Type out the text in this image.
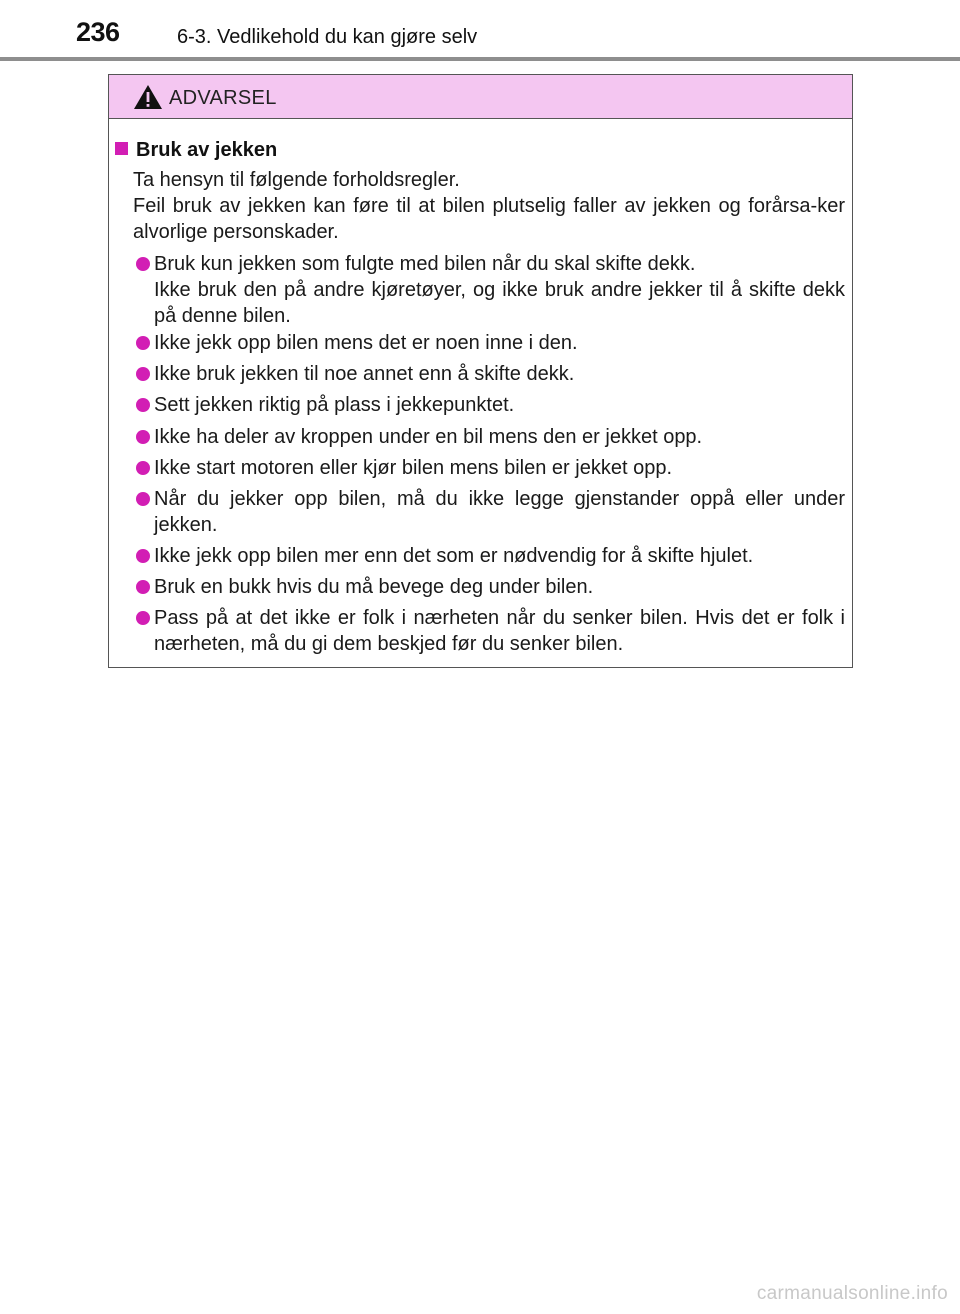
236	6-3. Vedlikehold du kan gjøre selv
ADVARSEL
Bruk av jekken

Ta hensyn til følgende forholdsregler.

Feil bruk av jekken kan føre til at bilen plutselig faller av jekken og forårsa-ker alvorlige personskader.

Bruk kun jekken som fulgte med bilen når du skal skifte dekk.

Ikke bruk den på andre kjøretøyer, og ikke bruk andre jekker til å skifte dekk på denne bilen.

Ikke jekk opp bilen mens det er noen inne i den.

Ikke bruk jekken til noe annet enn å skifte dekk.

Sett jekken riktig på plass i jekkepunktet.

Ikke ha deler av kroppen under en bil mens den er jekket opp.

Ikke start motoren eller kjør bilen mens bilen er jekket opp.

Når du jekker opp bilen, må du ikke legge gjenstander oppå eller under jekken.

Ikke jekk opp bilen mer enn det som er nødvendig for å skifte hjulet.

Bruk en bukk hvis du må bevege deg under bilen.

Pass på at det ikke er folk i nærheten når du senker bilen. Hvis det er folk i nærheten, må du gi dem beskjed før du senker bilen.

carmanualsonline.info
